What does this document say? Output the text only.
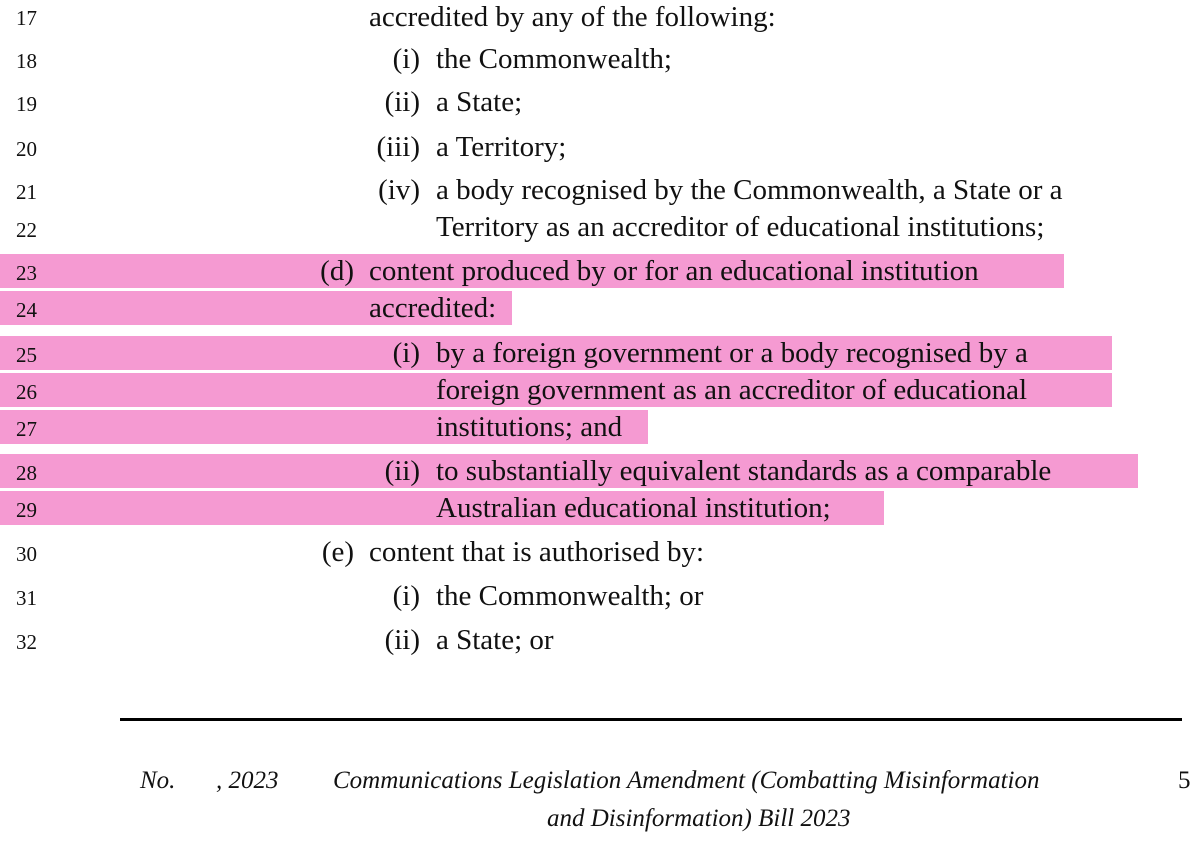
17
18
19
20
21
22
23
24
25
26
27
28
29
30
31
32
accredited by any of the following:
(i) the Commonwealth;
(ii) a State;
(iii) a Territory;
(iv) a body recognised by the Commonwealth, a State or a
Territory as an accreditor of educational institutions;
(d) content produced by or for an educational institution
accredited:
(i) by a foreign government or a body recognised by a
foreign government as an accreditor of educational
institutions; and
(ii) to substantially equivalent standards as a comparable
Australian educational institution;
(e) content that is authorised by:
(i) the Commonwealth; or
(ii) a State; or
No. , 2023 Communications Legislation Amendment (Combatting Misinformation
and Disinformation) Bill 2023
5
